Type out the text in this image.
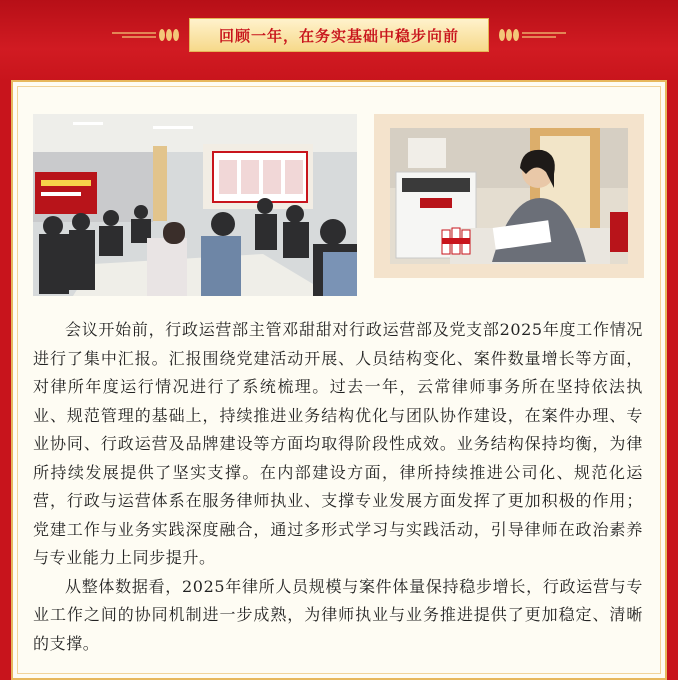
回顾一年，在务实基础中稳步向前

会议开始前，行政运营部主管邓甜甜对行政运营部及党支部2025年度工作情况进行了集中汇报。汇报围绕党建活动开展、人员结构变化、案件数量增长等方面，对律所年度运行情况进行了系统梳理。过去一年，云常律师事务所在坚持依法执业、规范管理的基础上，持续推进业务结构优化与团队协作建设，在案件办理、专业协同、行政运营及品牌建设等方面均取得阶段性成效。业务结构保持均衡，为律所持续发展提供了坚实支撑。在内部建设方面，律所持续推进公司化、规范化运营，行政与运营体系在服务律师执业、支撑专业发展方面发挥了更加积极的作用；党建工作与业务实践深度融合，通过多形式学习与实践活动，引导律师在政治素养与专业能力上同步提升。

从整体数据看，2025年律所人员规模与案件体量保持稳步增长，行政运营与专业工作之间的协同机制进一步成熟，为律师执业与业务推进提供了更加稳定、清晰的支撑。
